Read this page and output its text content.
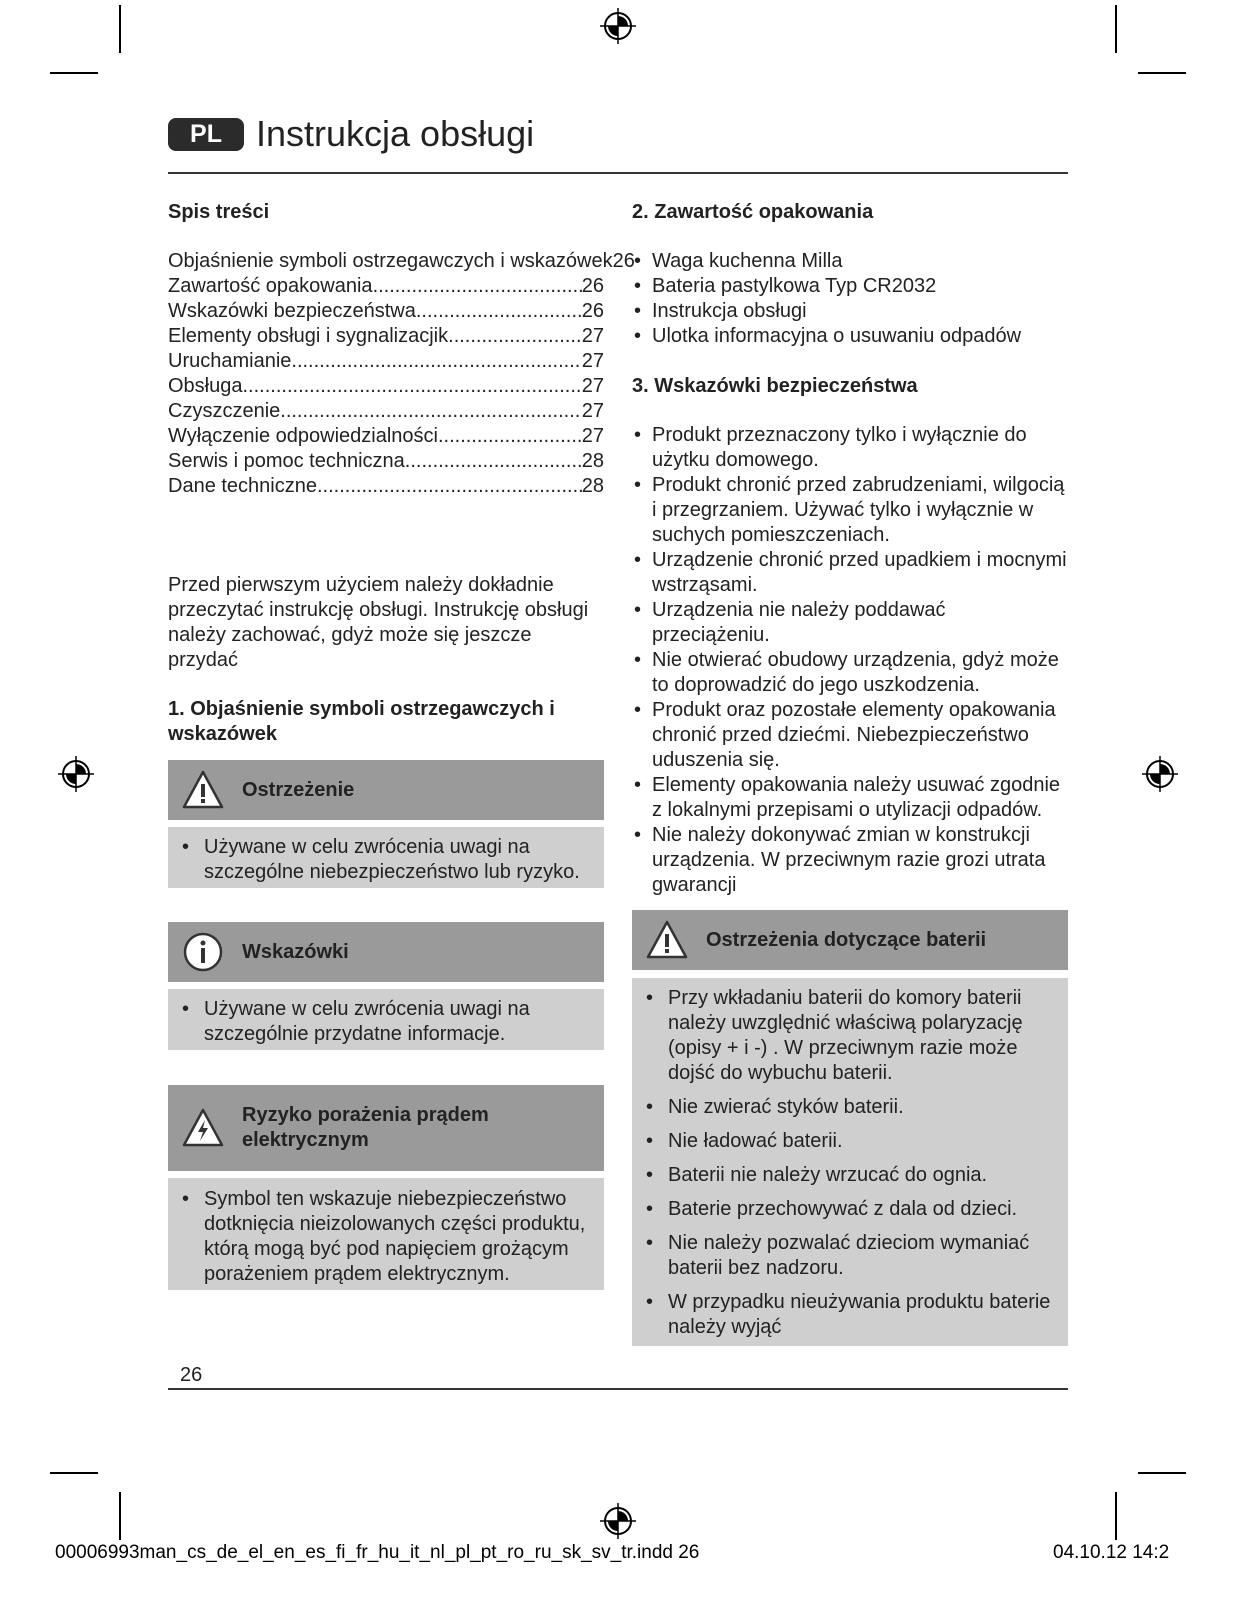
PL Instrukcja obsługi

Spis treści

Objaśnienie symboli ostrzegawczych i wskazówek 26
Zawartość opakowania .....	26
Wskazówki bezpieczeństwa .....	26
Elementy obsługi i sygnalizacjik .....	27
Uruchamianie .....	27
Obsługa .....	27
Czyszczenie .....	27
Wyłączenie odpowiedzialności .....	27
Serwis i pomoc techniczna .....	28
Dane techniczne .....	28

Przed pierwszym użyciem należy dokładnie przeczytać instrukcję obsługi. Instrukcję obsługi należy zachować, gdyż może się jeszcze przydać

1. Objaśnienie symboli ostrzegawczych i wskazówek

Ostrzeżenie
• Używane w celu zwrócenia uwagi na szczególne niebezpieczeństwo lub ryzyko.
Wskazówki
• Używane w celu zwrócenia uwagi na szczególnie przydatne informacje.
Ryzyko porażenia prądem elektrycznym
• Symbol ten wskazuje niebezpieczeństwo dotknięcia nieizolowanych części produktu, którą mogą być pod napięciem grożącym porażeniem prądem elektrycznym.

2. Zawartość opakowania

• Waga kuchenna Milla
• Bateria pastylkowa Typ CR2032
• Instrukcja obsługi
• Ulotka informacyjna o usuwaniu odpadów

3. Wskazówki bezpieczeństwa

• Produkt przeznaczony tylko i wyłącznie do użytku domowego.
• Produkt chronić przed zabrudzeniami, wilgocią i przegrzaniem. Używać tylko i wyłącznie w suchych pomieszczeniach.
• Urządzenie chronić przed upadkiem i mocnymi wstrząsami.
• Urządzenia nie należy poddawać przeciążeniu.
• Nie otwierać obudowy urządzenia, gdyż może to doprowadzić do jego uszkodzenia.
• Produkt oraz pozostałe elementy opakowania chronić przed dziećmi. Niebezpieczeństwo uduszenia się.
• Elementy opakowania należy usuwać zgodnie z lokalnymi przepisami o utylizacji odpadów.
• Nie należy dokonywać zmian w konstrukcji urządzenia. W przeciwnym razie grozi utrata gwarancji
Ostrzeżenia dotyczące baterii
• Przy wkładaniu baterii do komory baterii należy uwzględnić właściwą polaryzację (opisy + i -) . W przeciwnym razie może dojść do wybuchu baterii.
• Nie zwierać styków baterii.
• Nie ładować baterii.
• Baterii nie należy wrzucać do ognia.
• Baterie przechowywać z dala od dzieci.
• Nie należy pozwalać dzieciom wymaniać baterii bez nadzoru.
• W przypadku nieużywania produktu baterie należy wyjąć
26
00006993man_cs_de_el_en_es_fi_fr_hu_it_nl_pl_pt_ro_ru_sk_sv_tr.indd 26	04.10.12 14:2
